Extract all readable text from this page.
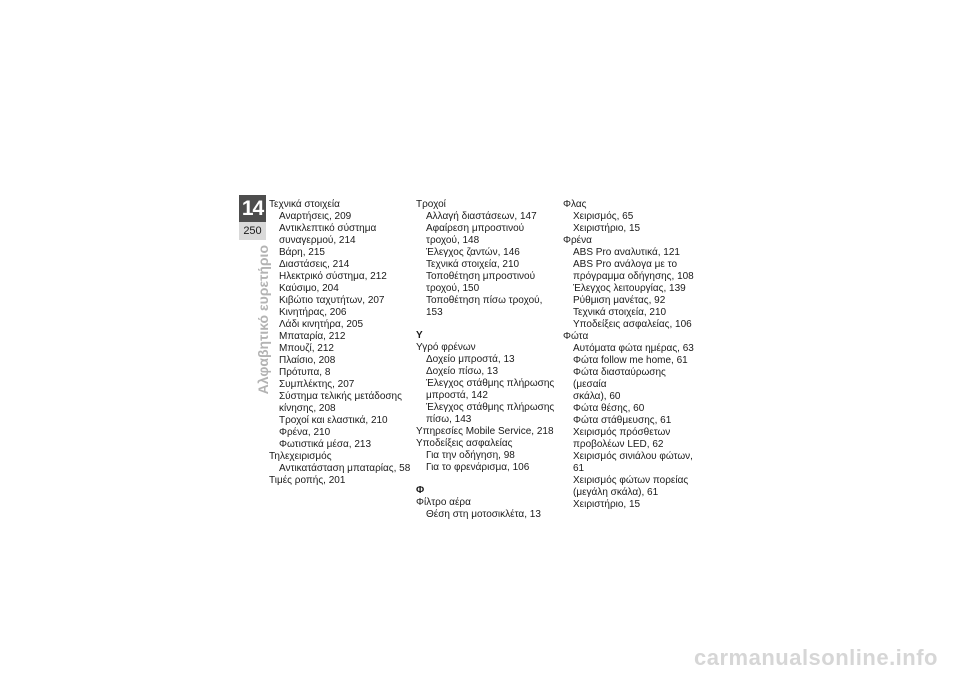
14
250
Αλφαβητικό ευρετήριο
Τεχνικά στοιχεία
Αναρτήσεις, 209
Αντικλεπτικό σύστημα
συναγερμού, 214
Βάρη, 215
Διαστάσεις, 214
Ηλεκτρικό σύστημα, 212
Καύσιμο, 204
Κιβώτιο ταχυτήτων, 207
Κινητήρας, 206
Λάδι κινητήρα, 205
Μπαταρία, 212
Μπουζί, 212
Πλαίσιο, 208
Πρότυπα, 8
Συμπλέκτης, 207
Σύστημα τελικής μετάδοσης
κίνησης, 208
Τροχοί και ελαστικά, 210
Φρένα, 210
Φωτιστικά μέσα, 213
Τηλεχειρισμός
Αντικατάσταση μπαταρίας, 58
Τιμές ροπής, 201
Τροχοί
Αλλαγή διαστάσεων, 147
Αφαίρεση μπροστινού
τροχού, 148
Έλεγχος ζαντών, 146
Τεχνικά στοιχεία, 210
Τοποθέτηση μπροστινού
τροχού, 150
Τοποθέτηση πίσω τροχού, 153
Υ
Υγρό φρένων
Δοχείο μπροστά, 13
Δοχείο πίσω, 13
Έλεγχος στάθμης πλήρωσης
μπροστά, 142
Έλεγχος στάθμης πλήρωσης
πίσω, 143
Υπηρεσίες Mobile Service, 218
Υποδείξεις ασφαλείας
Για την οδήγηση, 98
Για το φρενάρισμα, 106
Φ
Φίλτρο αέρα
Θέση στη μοτοσικλέτα, 13
Φλας
Χειρισμός, 65
Χειριστήριο, 15
Φρένα
ABS Pro αναλυτικά, 121
ABS Pro ανάλογα με το
πρόγραμμα οδήγησης, 108
Έλεγχος λειτουργίας, 139
Ρύθμιση μανέτας, 92
Τεχνικά στοιχεία, 210
Υποδείξεις ασφαλείας, 106
Φώτα
Αυτόματα φώτα ημέρας, 63
Φώτα follow me home, 61
Φώτα διασταύρωσης (μεσαία
σκάλα), 60
Φώτα θέσης, 60
Φώτα στάθμευσης, 61
Χειρισμός πρόσθετων
προβολέων LED, 62
Χειρισμός σινιάλου φώτων, 61
Χειρισμός φώτων πορείας
(μεγάλη σκάλα), 61
Χειριστήριο, 15
carmanualsonline.info
